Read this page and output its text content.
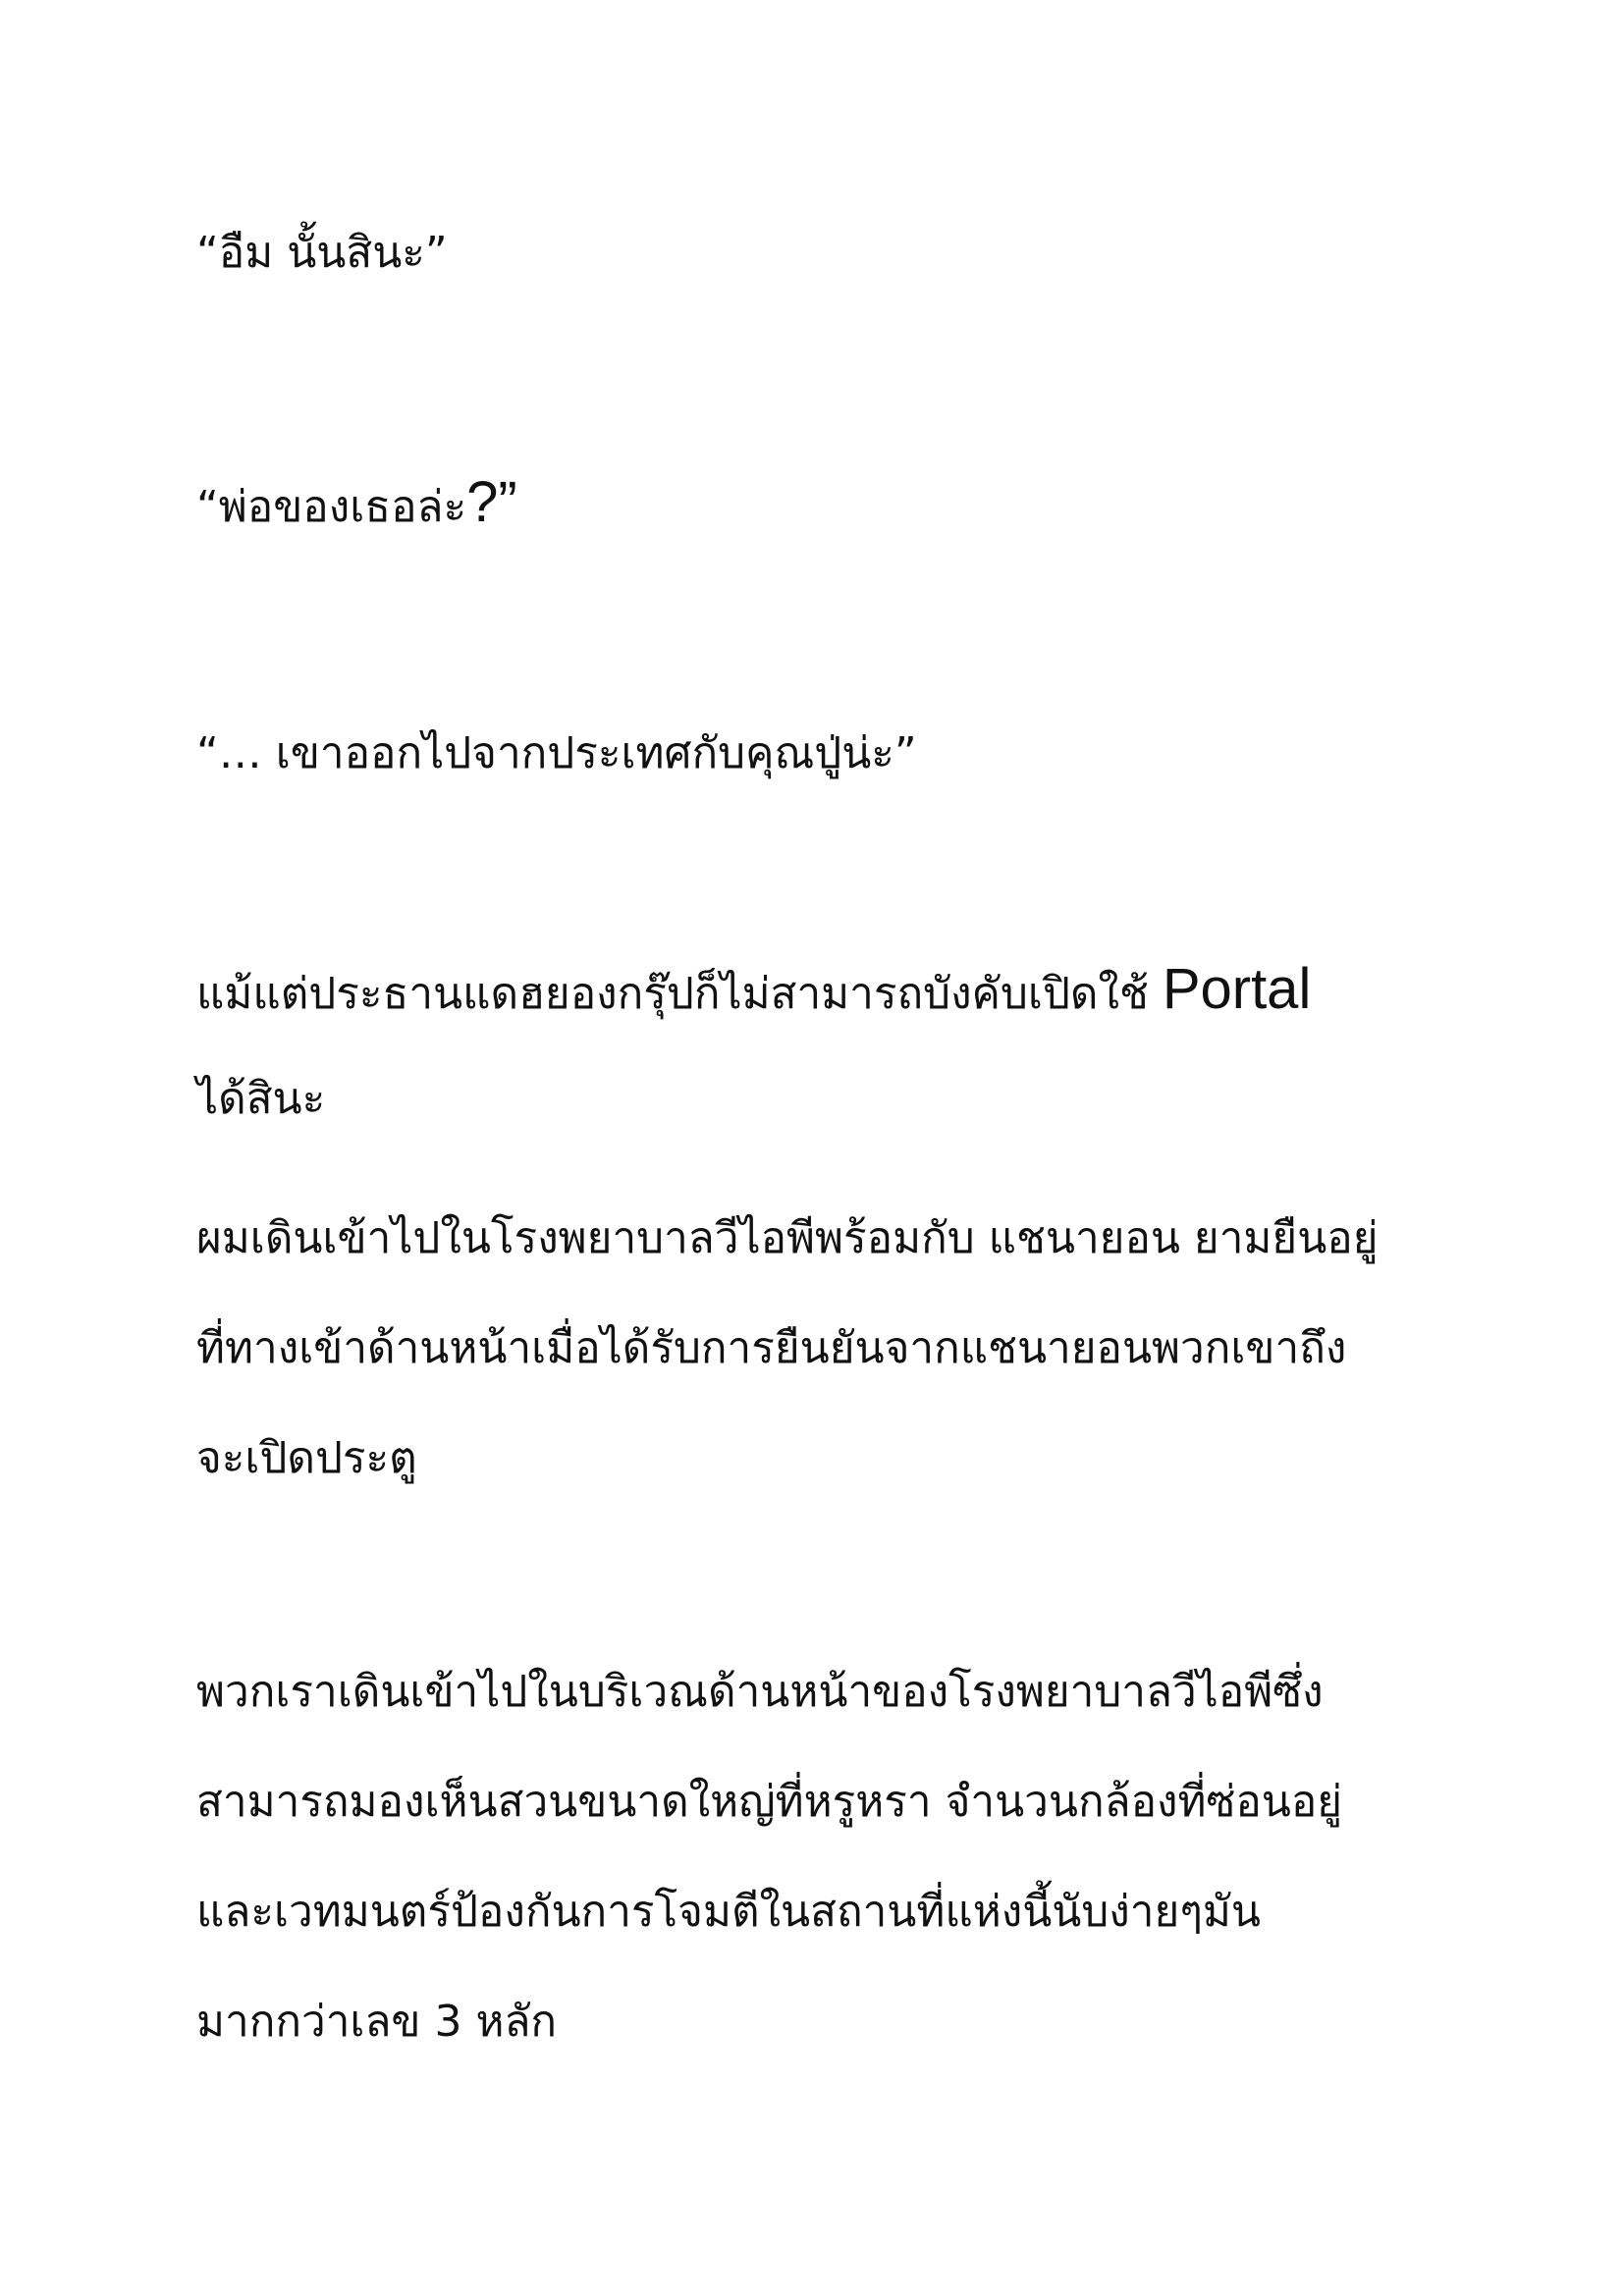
“อืม นั้นสินะ”
“พ่อของเธอล่ะ?”
“… เขาออกไปจากประเทศกับคุณปู่น่ะ”
แม้แต่ประธานแดฮยองกรุ๊ปก็ไม่สามารถบังคับเปิดใช้ Portal
ได้สินะ
ผมเดินเข้าไปในโรงพยาบาลวีไอพีพร้อมกับ แชนายอน ยามยืนอยู่
ที่ทางเข้าด้านหน้าเมื่อได้รับการยืนยันจากแชนายอนพวกเขาถึง
จะเปิดประตู
พวกเราเดินเข้าไปในบริเวณด้านหน้าของโรงพยาบาลวีไอพีซึ่ง
สามารถมองเห็นสวนขนาดใหญ่ที่หรูหรา จำนวนกล้องที่ซ่อนอยู่
และเวทมนตร์ป้องกันการโจมตีในสถานที่แห่งนี้นับง่ายๆมัน
มากกว่าเลข 3 หลัก
